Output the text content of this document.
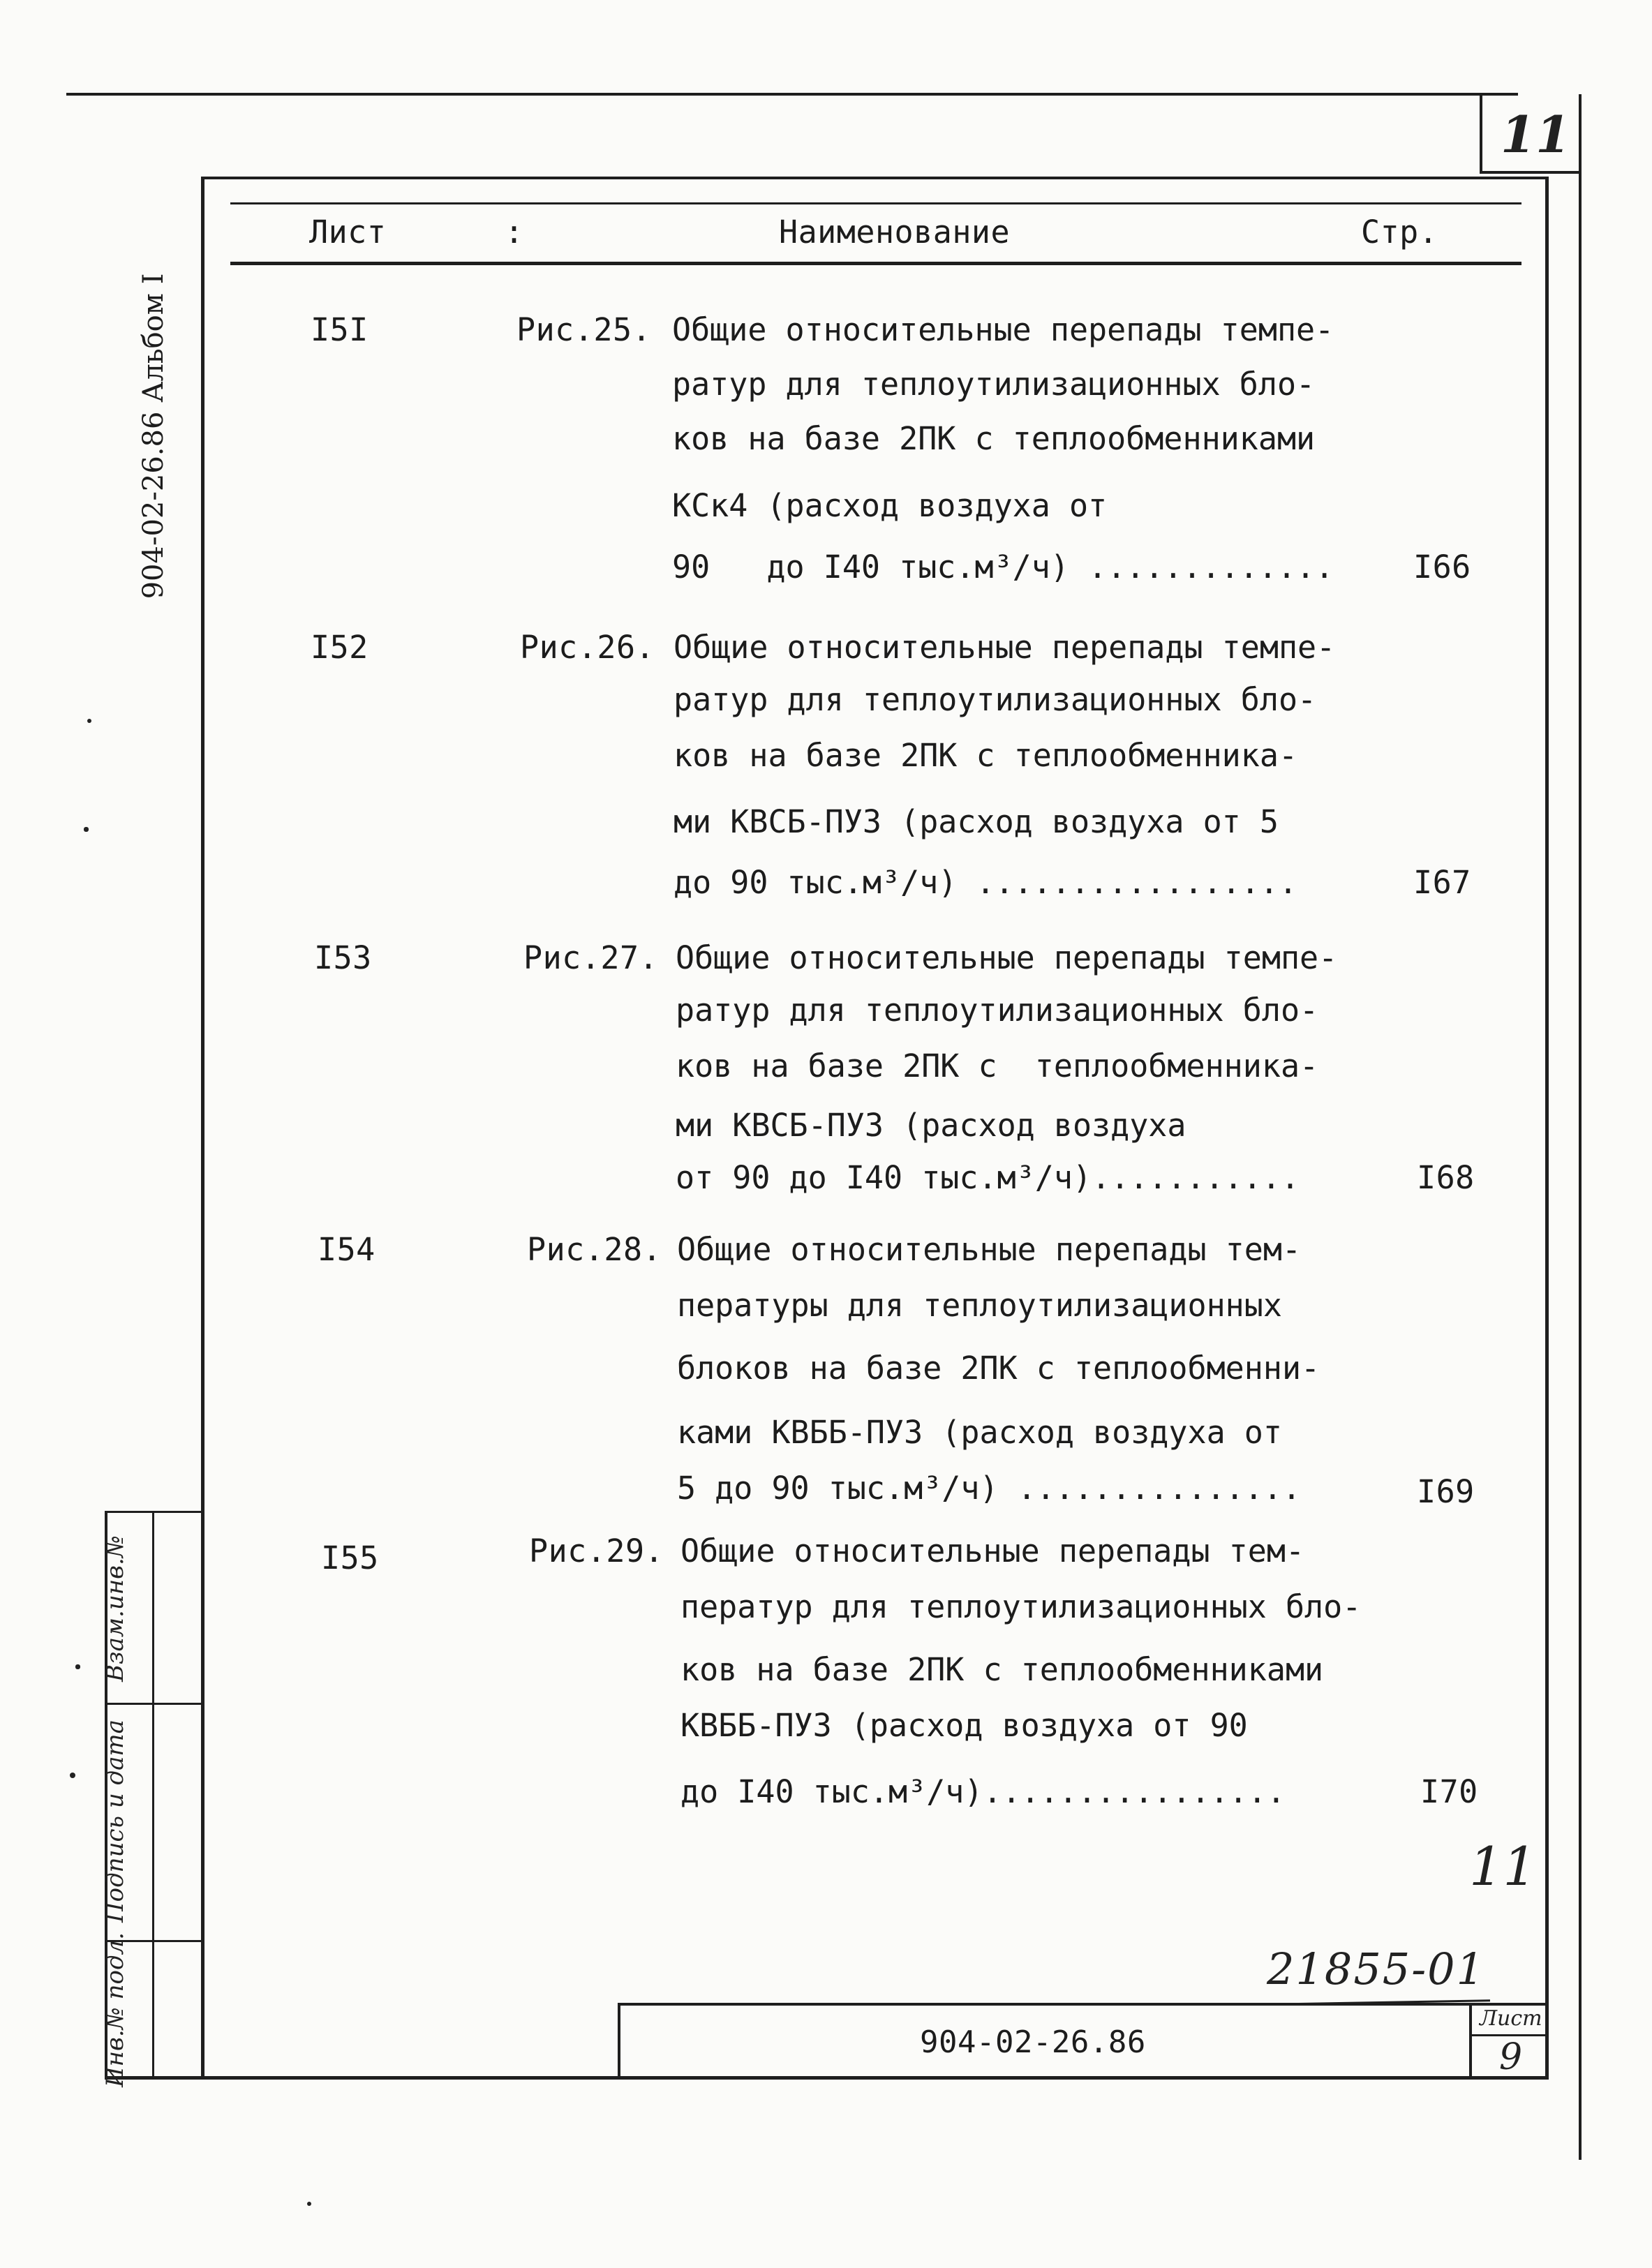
11
904-02-26.86 Альбом I
Инв.№ подл.
Подпись и дата
Взам.инв.№
Лист	:	Наименование	Стр.
I5I	Рис.25. Общие относительные перепады темпе-
ратур для теплоутилизационных бло-
ков на базе 2ПК с теплообменниками
КСк4 (расход воздуха от
90   до I40 тыс.м³/ч) .............	I66
I52	Рис.26. Общие относительные перепады темпе-
ратур для теплоутилизационных бло-
ков на базе 2ПК с теплообменника-
ми КВСБ-ПУЗ (расход воздуха от 5
до 90 тыс.м³/ч) .................	I67
I53	Рис.27. Общие относительные перепады темпе-
ратур для теплоутилизационных бло-
ков на базе 2ПК с  теплообменника-
ми КВСБ-ПУЗ (расход воздуха
от 90 до I40 тыс.м³/ч)...........	I68
I54	Рис.28. Общие относительные перепады тем-
пературы для теплоутилизационных
блоков на базе 2ПК с теплообменни-
ками КВББ-ПУЗ (расход воздуха от
5 до 90 тыс.м³/ч) ...............	I69
I55	Рис.29. Общие относительные перепады тем-
ператур для теплоутилизационных бло-
ков на базе 2ПК с теплообменниками
КВББ-ПУЗ (расход воздуха от 90
до I40 тыс.м³/ч)................	I70
11
21855-01
904-02-26.86
Лист
9
